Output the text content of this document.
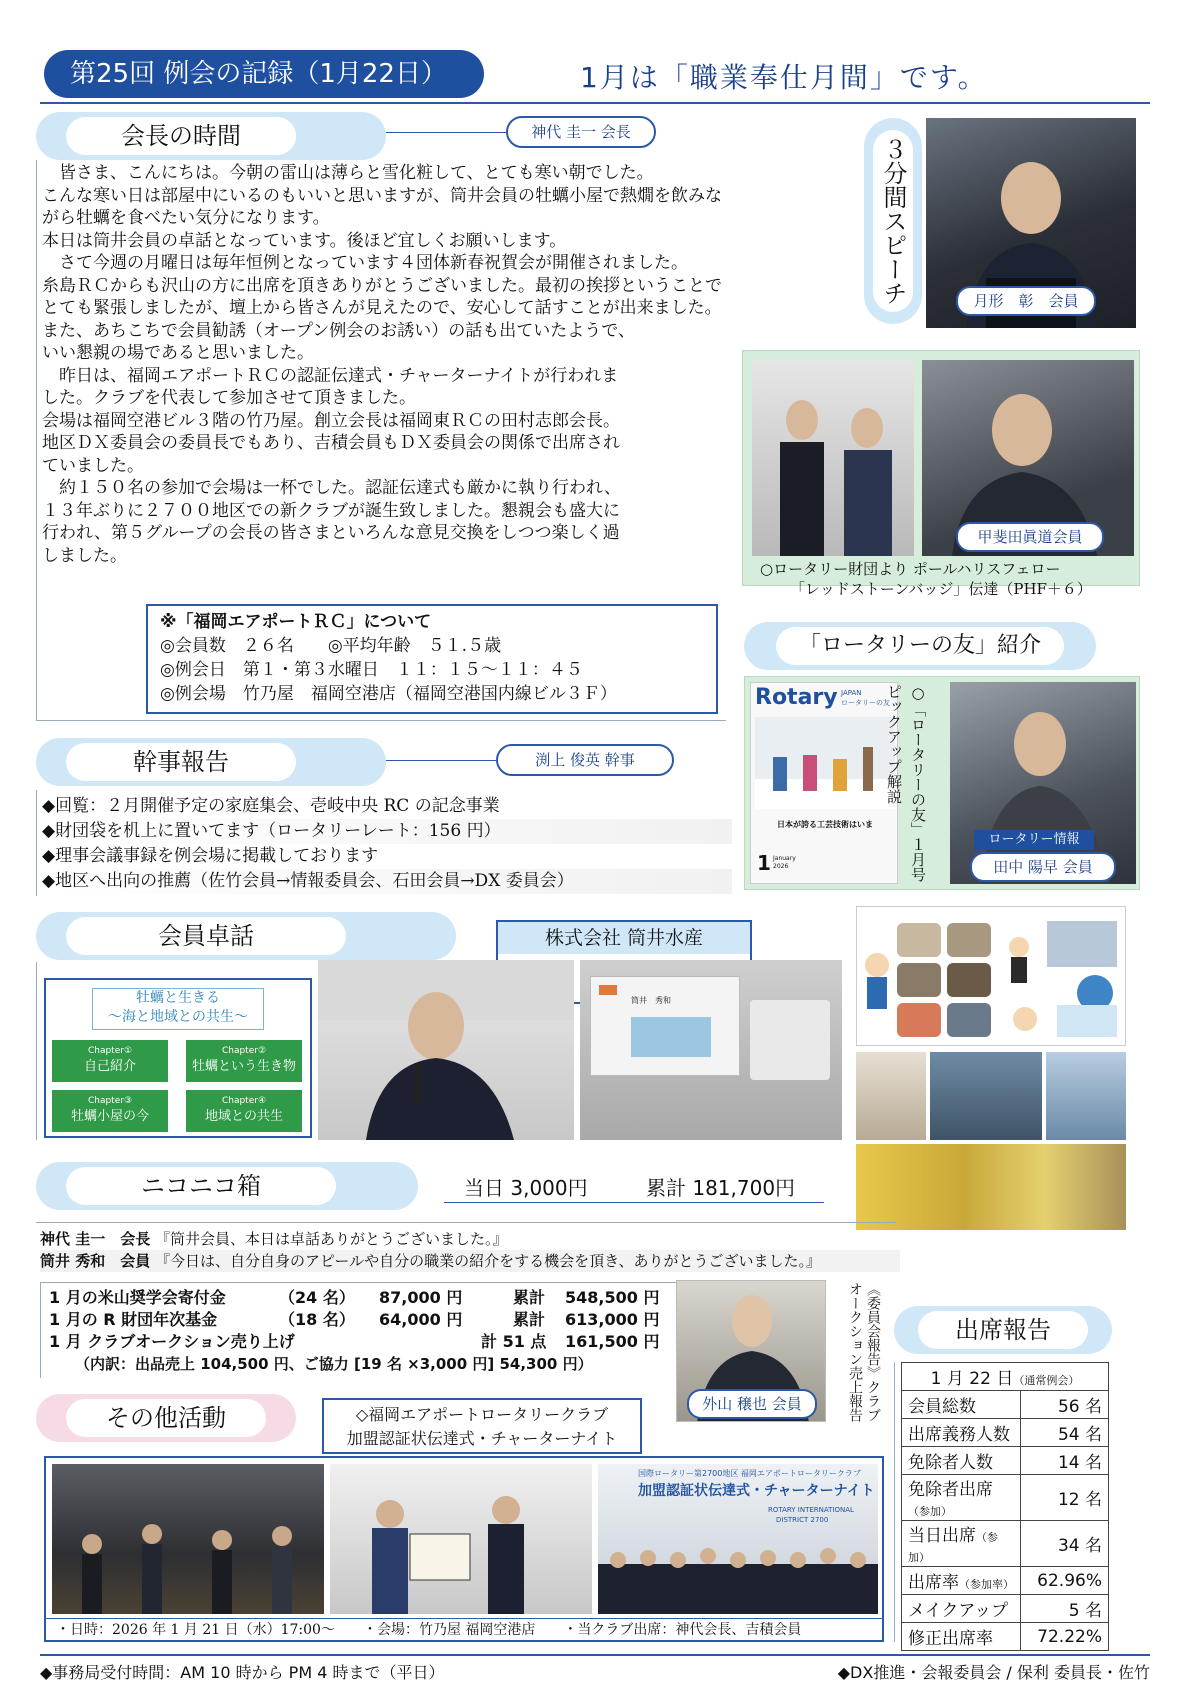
第25回 例会の記録（1月22日）	1月は「職業奉仕月間」です。
会長の時間	神代 圭一 会長

　皆さま、こんにちは。今朝の雷山は薄らと雪化粧して、とても寒い朝でした。

こんな寒い日は部屋中にいるのもいいと思いますが、筒井会員の牡蠣小屋で熱燗を飲みな

がら牡蠣を食べたい気分になります。

本日は筒井会員の卓話となっています。後ほど宜しくお願いします。

　さて今週の月曜日は毎年恒例となっています４団体新春祝賀会が開催されました。

糸島ＲＣからも沢山の方に出席を頂きありがとうございました。最初の挨拶ということで

とても緊張しましたが、壇上から皆さんが見えたので、安心して話すことが出来ました。

また、あちこちで会員勧誘（オープン例会のお誘い）の話も出ていたようで、

いい懇親の場であると思いました。

　昨日は、福岡エアポートＲＣの認証伝達式・チャーターナイトが行われま

した。クラブを代表して参加させて頂きました。

会場は福岡空港ビル３階の竹乃屋。創立会長は福岡東ＲＣの田村志郎会長。

地区ＤＸ委員会の委員長でもあり、吉積会員もＤＸ委員会の関係で出席され

ていました。

　約１５０名の参加で会場は一杯でした。認証伝達式も厳かに執り行われ、

１３年ぶりに２７００地区での新クラブが誕生致しました。懇親会も盛大に

行われ、第５グループの会長の皆さまといろんな意見交換をしつつ楽しく過

しました。

※「福岡エアポートＲＣ」について

◎会員数　２６名　　◎平均年齢　５１.５歳

◎例会日　第１・第３水曜日　１１：１５～１１：４５

◎例会場　竹乃屋　福岡空港店（福岡空港国内線ビル３Ｆ）

３分間スピーチ	月形　彰　会員
甲斐田眞道会員
○ロータリー財団より ポールハリスフェロー
「レッドストーンバッジ」伝達（PHF＋６）
「ロータリーの友」紹介
Rotary JAPAN
ロータリーの友
日本が誇る工芸技術はいま
1 January
2026	○「ロータリーの友」１月号ピックアップ解説
ロータリー情報
田中 陽早 会員
幹事報告	渕上 俊英 幹事

◆回覧：２月開催予定の家庭集会、壱岐中央 RC の記念事業

◆財団袋を机上に置いてます（ロータリーレート：156 円）

◆理事会議事録を例会場に掲載しております

◆地区へ出向の推薦（佐竹会員→情報委員会、石田会員→DX 委員会）

会員卓話	株式会社 筒井水産
牡蠣と生きる
～海と地域との共生～
Chapter①
自己紹介
Chapter②
牡蠣という生き物
Chapter③
牡蠣小屋の今
Chapter④
地域との共生
筒井　秀和
ニコニコ箱	当日 3,000円	累計 181,700円

神代 圭一　会長 『筒井会員、本日は卓話ありがとうございました。』

筒井 秀和　会員 『今日は、自分自身のアピールや自分の職業の紹介をする機会を頂き、ありがとうございました。』

1 月の米山奨学会寄付金	（24 名） 87,000 円	累計 548,500 円
1 月の R 財団年次基金	（18 名） 64,000 円	累計 613,000 円
1 月 クラブオークション売り上げ	計 51 点 161,500 円
（内訳：出品売上 104,500 円、ご協力 [19 名 ×3,000 円] 54,300 円）
外山 穣也 会員	《委員会報告》クラブオークション売上報告	出席報告
1 月 22 日（通常例会）	
会員総数	56 名
出席義務人数	54 名
免除者人数	14 名
免除者出席（参加）	12 名
当日出席（参加）	34 名
出席率（参加率）	62.96%
メイクアップ	5 名
修正出席率	72.22%
その他活動	◇福岡エアポートロータリークラブ
加盟認証状伝達式・チャーターナイト
国際ロータリー第2700地区 福岡エアポートロータリークラブ
加盟認証状伝達式・チャーターナイト
ROTARY INTERNATIONAL
DISTRICT 2700
・日時：2026 年 1 月 21 日（水）17:00～　　・会場：竹乃屋 福岡空港店　　・当クラブ出席：神代会長、吉積会員
◆事務局受付時間：AM 10 時から PM 4 時まで（平日）	◆DX推進・会報委員会 / 保利 委員長・佐竹
